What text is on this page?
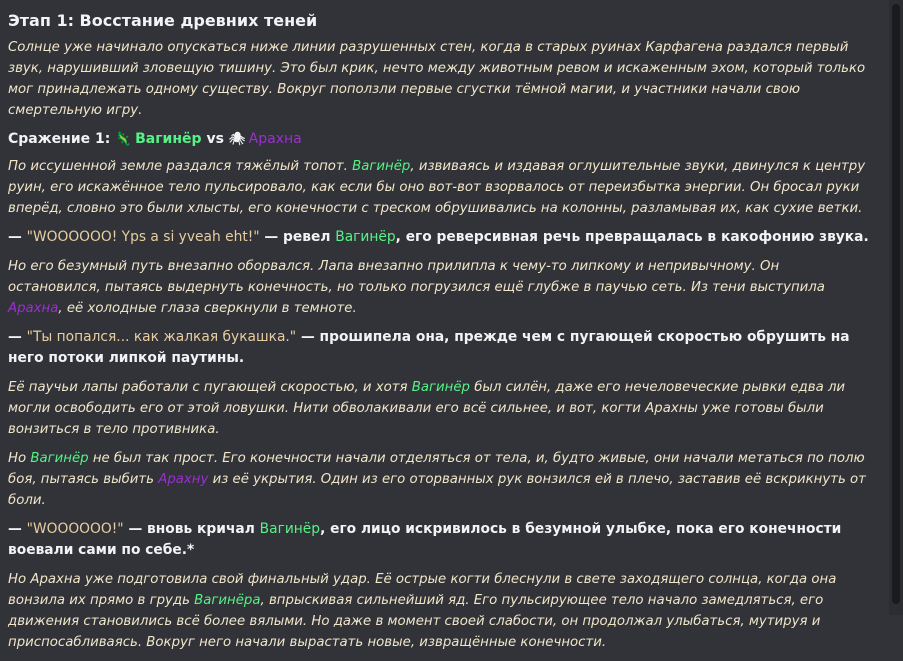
Этап 1: Восстание древних теней

Солнце уже начинало опускаться ниже линии разрушенных стен, когда в старых руинах Карфагена раздался первый звук, нарушивший зловещую тишину. Это был крик, нечто между животным ревом и искаженным эхом, который только мог принадлежать одному существу. Вокруг поползли первые сгустки тёмной магии, и участники начали свою смертельную игру.

Сражение 1: 🦎 Вагинёр vs 🕷 Арахна

По иссушенной земле раздался тяжёлый топот. Вагинёр, извиваясь и издавая оглушительные звуки, двинулся к центру руин, его искажённое тело пульсировало, как если бы оно вот-вот взорвалось от переизбытка энергии. Он бросал руки вперёд, словно это были хлысты, его конечности с треском обрушивались на колонны, разламывая их, как сухие ветки.

— "WOOOOOO! Yps a si yveah eht!" — ревел Вагинёр, его реверсивная речь превращалась в какофонию звука.

Но его безумный путь внезапно оборвался. Лапа внезапно прилипла к чему-то липкому и непривычному. Он остановился, пытаясь выдернуть конечность, но только погрузился ещё глубже в паучью сеть. Из тени выступила Арахна, её холодные глаза сверкнули в темноте.

— "Ты попался... как жалкая букашка." — прошипела она, прежде чем с пугающей скоростью обрушить на него потоки липкой паутины.

Её паучьи лапы работали с пугающей скоростью, и хотя Вагинёр был силён, даже его нечеловеческие рывки едва ли могли освободить его от этой ловушки. Нити обволакивали его всё сильнее, и вот, когти Арахны уже готовы были вонзиться в тело противника.

Но Вагинёр не был так прост. Его конечности начали отделяться от тела, и, будто живые, они начали метаться по полю боя, пытаясь выбить Арахну из её укрытия. Один из его оторванных рук вонзился ей в плечо, заставив её вскрикнуть от боли.

— "WOOOOOO!" — вновь кричал Вагинёр, его лицо искривилось в безумной улыбке, пока его конечности воевали сами по себе.*

Но Арахна уже подготовила свой финальный удар. Её острые когти блеснули в свете заходящего солнца, когда она вонзила их прямо в грудь Вагинёра, впрыскивая сильнейший яд. Его пульсирующее тело начало замедляться, его движения становились всё более вялыми. Но даже в момент своей слабости, он продолжал улыбаться, мутируя и приспосабливаясь. Вокруг него начали вырастать новые, извращённые конечности.
